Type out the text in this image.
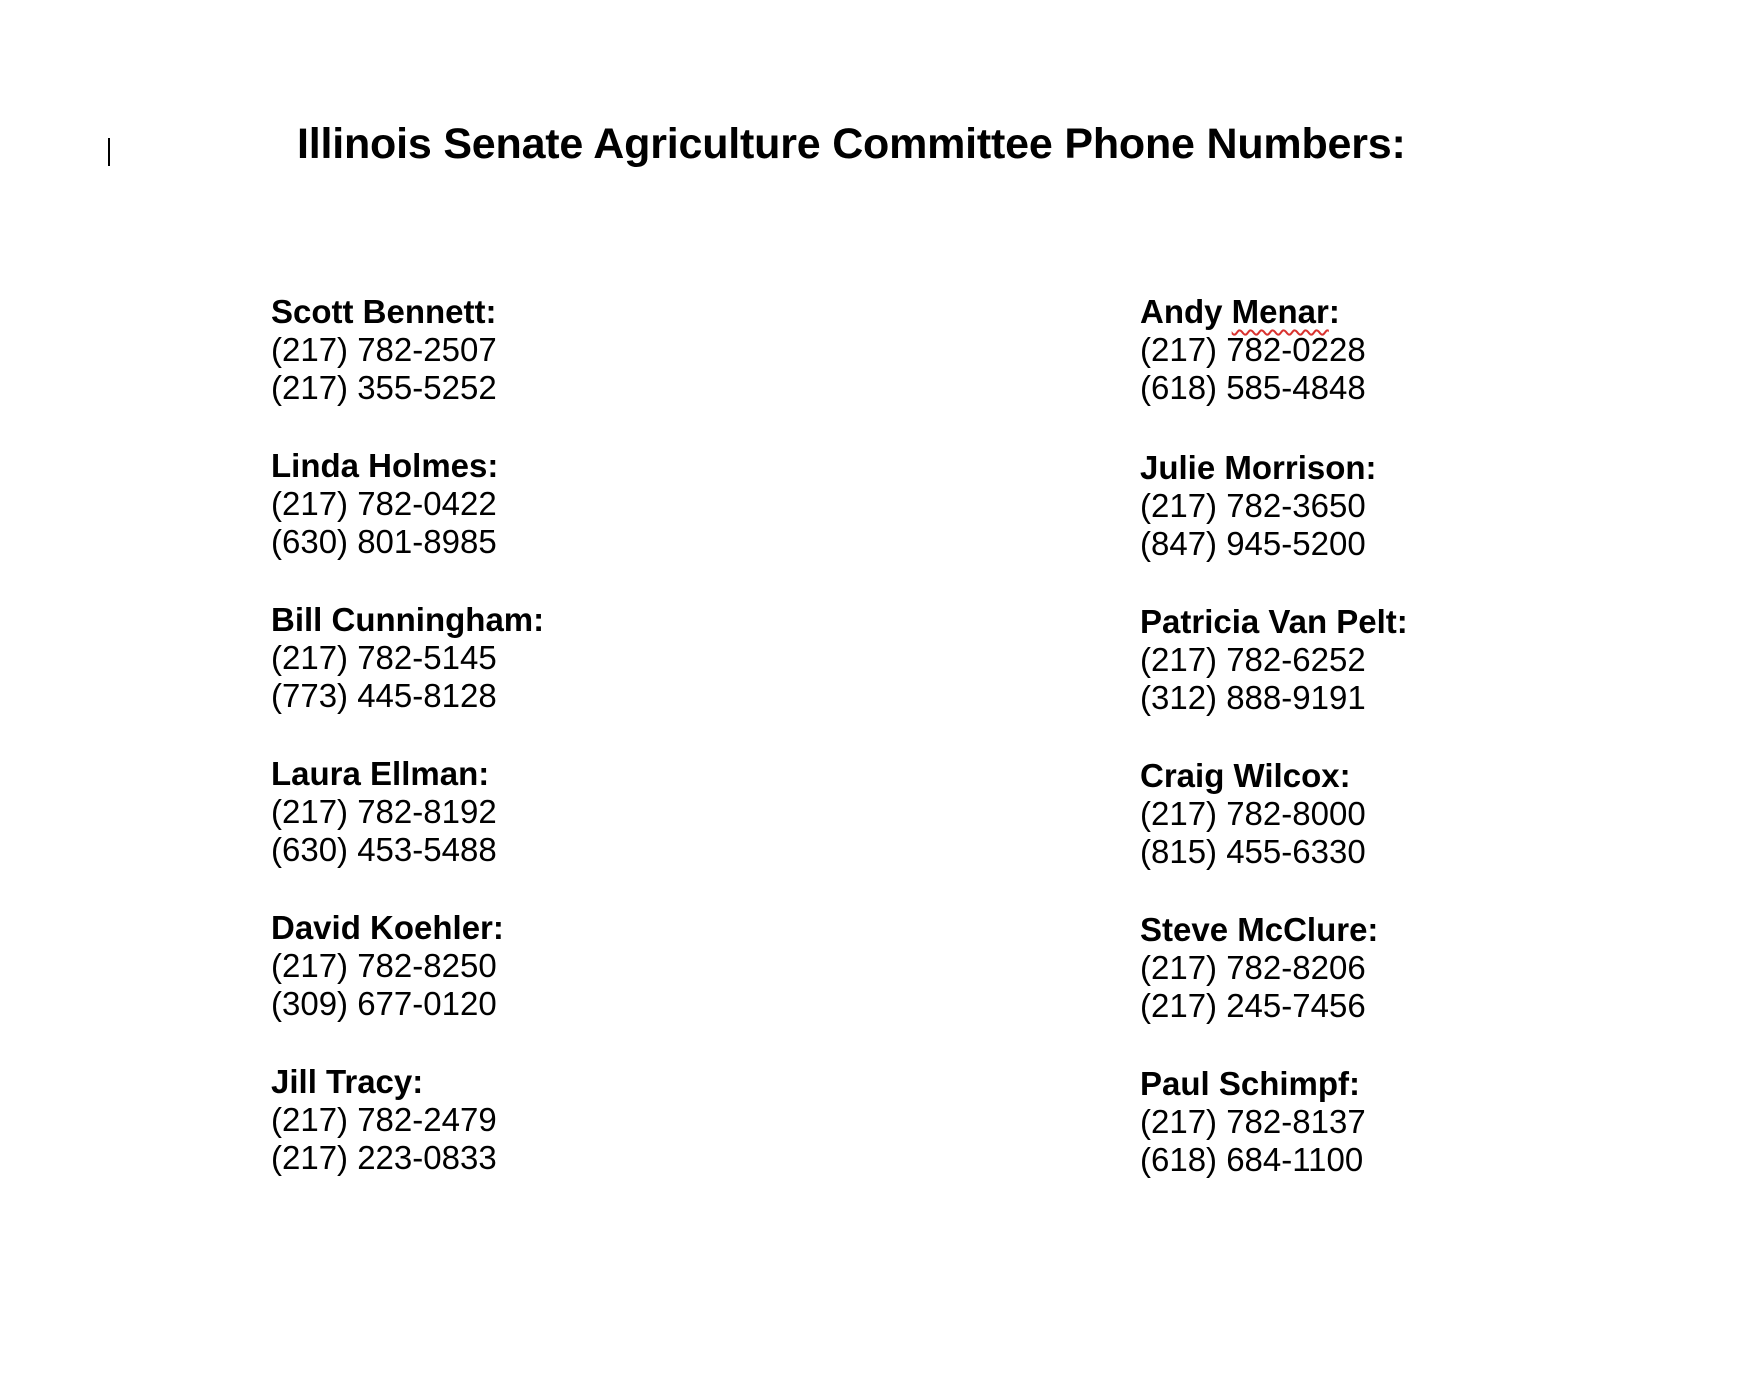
Illinois Senate Agriculture Committee Phone Numbers:
Scott Bennett:
(217) 782-2507
(217) 355-5252
Linda Holmes:
(217) 782-0422
(630) 801-8985
Bill Cunningham:
(217) 782-5145
(773) 445-8128
Laura Ellman:
(217) 782-8192
(630) 453-5488
David Koehler:
(217) 782-8250
(309) 677-0120
Jill Tracy:
(217) 782-2479
(217) 223-0833
Andy Menar:
(217) 782-0228
(618) 585-4848
Julie Morrison:
(217) 782-3650
(847) 945-5200
Patricia Van Pelt:
(217) 782-6252
(312) 888-9191
Craig Wilcox:
(217) 782-8000
(815) 455-6330
Steve McClure:
(217) 782-8206
(217) 245-7456
Paul Schimpf:
(217) 782-8137
(618) 684-1100
